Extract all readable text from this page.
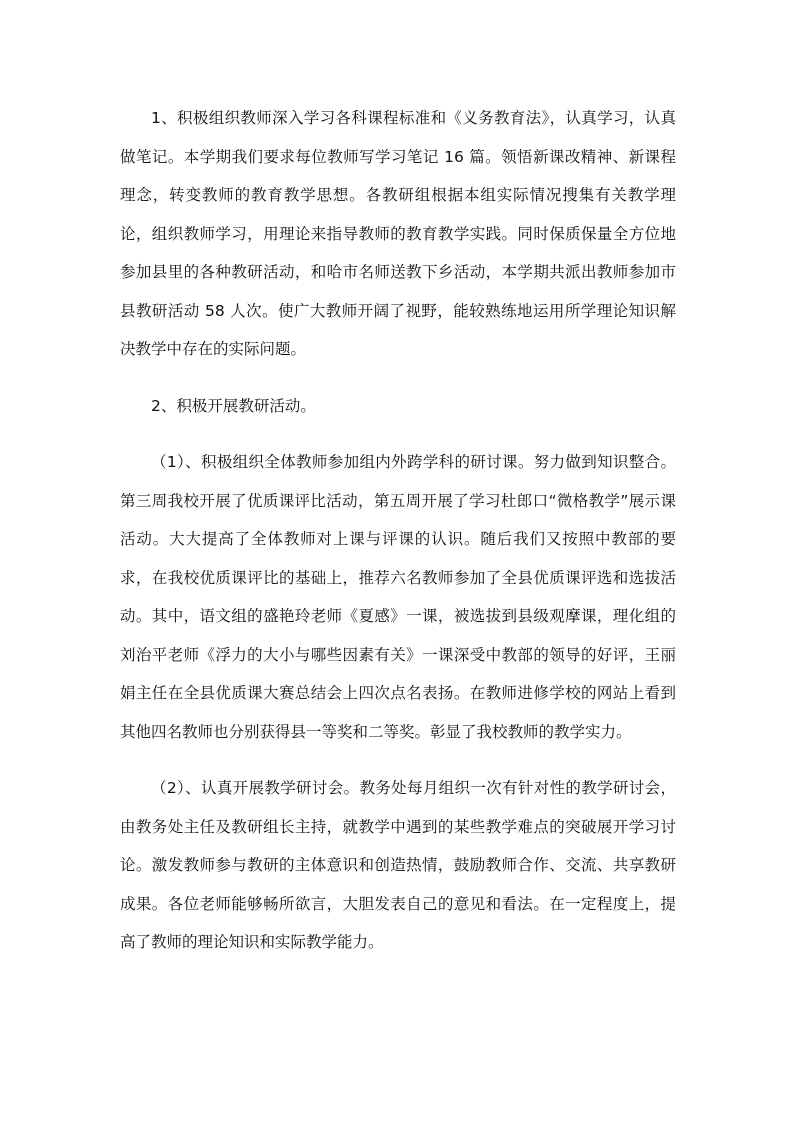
1、积极组织教师深入学习各科课程标准和《义务教育法》，认真学习，认真做笔记。本学期我们要求每位教师写学习笔记 16 篇。领悟新课改精神、新课程理念，转变教师的教育教学思想。各教研组根据本组实际情况搜集有关教学理论，组织教师学习，用理论来指导教师的教育教学实践。同时保质保量全方位地参加县里的各种教研活动，和哈市名师送教下乡活动，本学期共派出教师参加市县教研活动 58 人次。使广大教师开阔了视野，能较熟练地运用所学理论知识解决教学中存在的实际问题。

2、积极开展教研活动。

（1）、积极组织全体教师参加组内外跨学科的研讨课。努力做到知识整合。第三周我校开展了优质课评比活动，第五周开展了学习杜郎口“微格教学”展示课活动。大大提高了全体教师对上课与评课的认识。随后我们又按照中教部的要求，在我校优质课评比的基础上，推荐六名教师参加了全县优质课评选和选拔活动。其中，语文组的盛艳玲老师《夏感》一课，被选拔到县级观摩课，理化组的刘治平老师《浮力的大小与哪些因素有关》一课深受中教部的领导的好评，王丽娟主任在全县优质课大赛总结会上四次点名表扬。在教师进修学校的网站上看到其他四名教师也分别获得县一等奖和二等奖。彰显了我校教师的教学实力。

（2）、认真开展教学研讨会。教务处每月组织一次有针对性的教学研讨会，由教务处主任及教研组长主持，就教学中遇到的某些教学难点的突破展开学习讨论。激发教师参与教研的主体意识和创造热情，鼓励教师合作、交流、共享教研成果。各位老师能够畅所欲言，大胆发表自己的意见和看法。在一定程度上，提高了教师的理论知识和实际教学能力。
